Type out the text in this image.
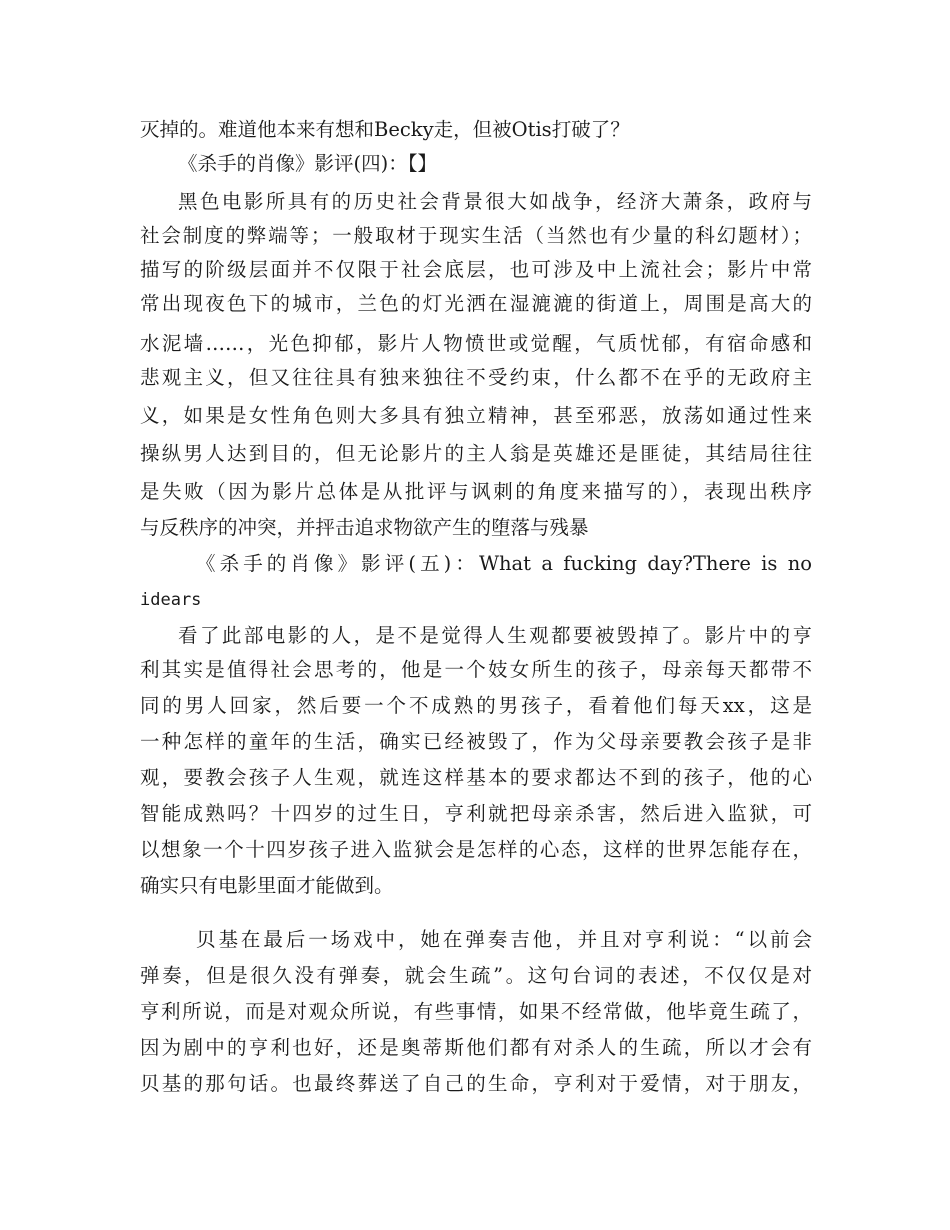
灭掉的。难道他本来有想和Becky走，但被Otis打破了？
《杀手的肖像》影评(四)：【】
黑色电影所具有的历史社会背景很大如战争，经济大萧条，政府与
社会制度的弊端等；一般取材于现实生活（当然也有少量的科幻题材）；
描写的阶级层面并不仅限于社会底层，也可涉及中上流社会；影片中常
常出现夜色下的城市，兰色的灯光洒在湿漉漉的街道上，周围是高大的
水泥墙……，光色抑郁，影片人物愤世或觉醒，气质忧郁，有宿命感和
悲观主义，但又往往具有独来独往不受约束，什么都不在乎的无政府主
义，如果是女性角色则大多具有独立精神，甚至邪恶，放荡如通过性来
操纵男人达到目的，但无论影片的主人翁是英雄还是匪徒，其结局往往
是失败（因为影片总体是从批评与讽刺的角度来描写的），表现出秩序
与反秩序的冲突，并抨击追求物欲产生的堕落与残暴
《杀手的肖像》影评(五)：What a fucking day?There is no
idears
看了此部电影的人，是不是觉得人生观都要被毁掉了。影片中的亨
利其实是值得社会思考的，他是一个妓女所生的孩子，母亲每天都带不
同的男人回家，然后要一个不成熟的男孩子，看着他们每天xx，这是
一种怎样的童年的生活，确实已经被毁了，作为父母亲要教会孩子是非
观，要教会孩子人生观，就连这样基本的要求都达不到的孩子，他的心
智能成熟吗？十四岁的过生日，亨利就把母亲杀害，然后进入监狱，可
以想象一个十四岁孩子进入监狱会是怎样的心态，这样的世界怎能存在，
确实只有电影里面才能做到。
贝基在最后一场戏中，她在弹奏吉他，并且对亨利说：“以前会
弹奏，但是很久没有弹奏，就会生疏”。这句台词的表述，不仅仅是对
亨利所说，而是对观众所说，有些事情，如果不经常做，他毕竟生疏了，
因为剧中的亨利也好，还是奥蒂斯他们都有对杀人的生疏，所以才会有
贝基的那句话。也最终葬送了自己的生命，亨利对于爱情，对于朋友，
